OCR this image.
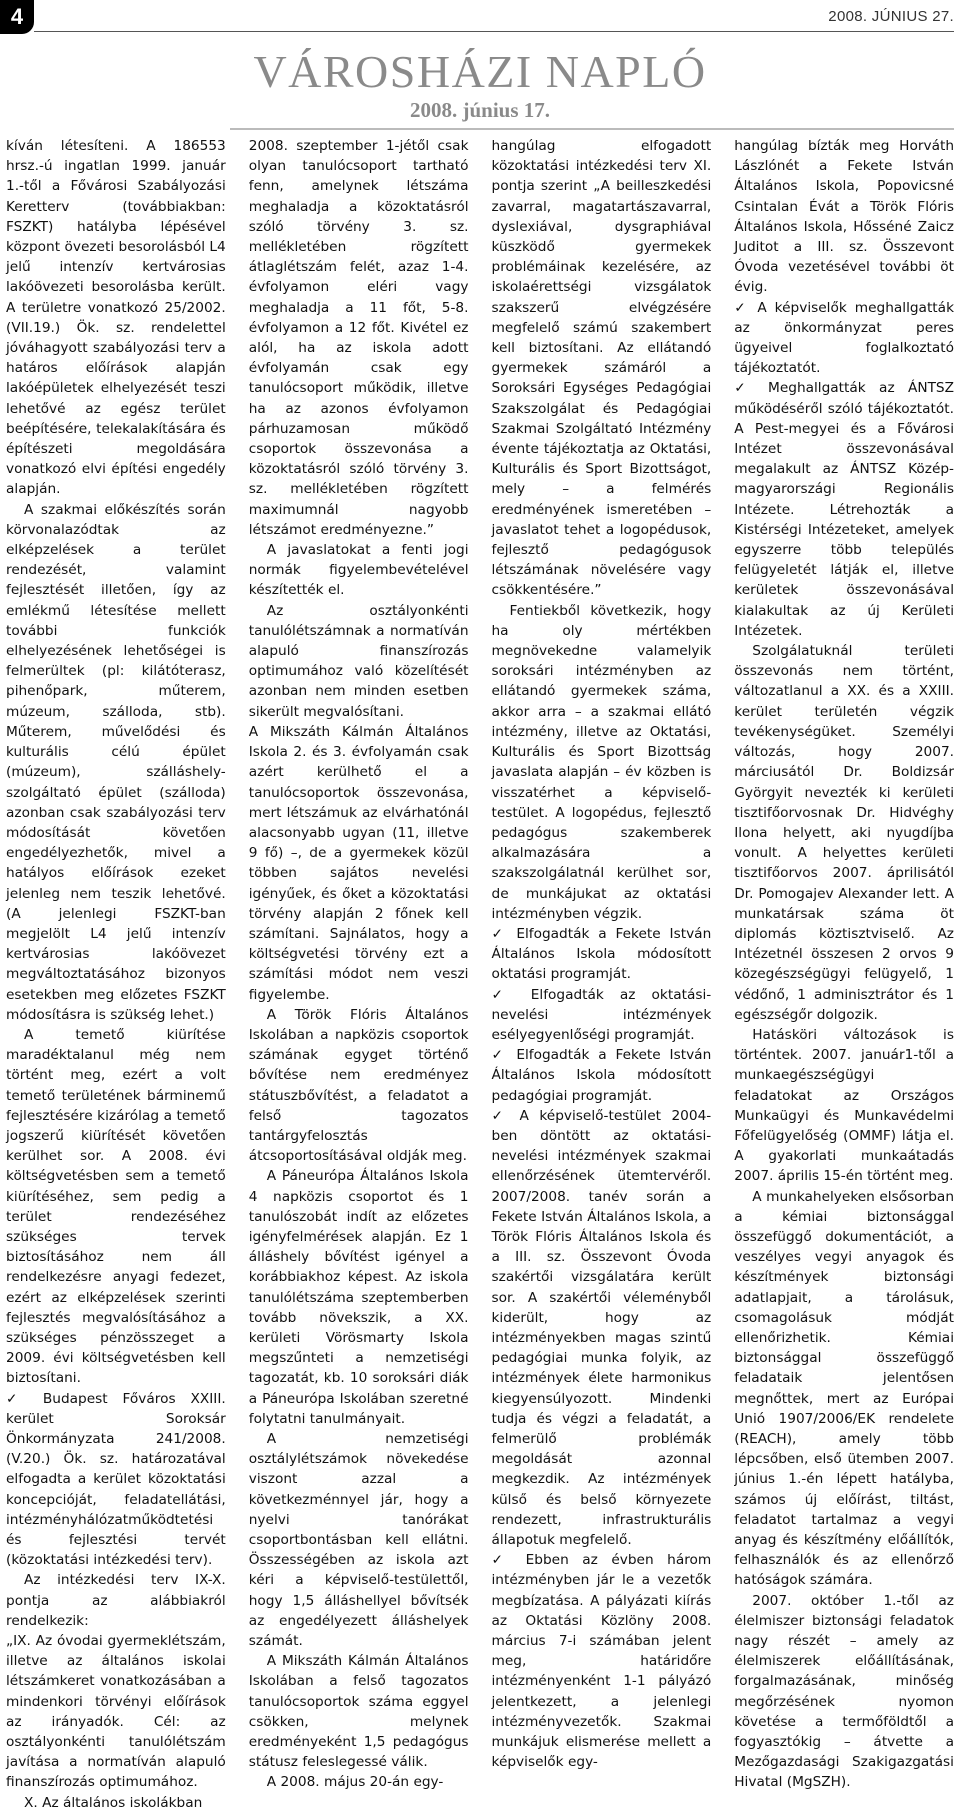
4	2008. JÚNIUS 27.
VÁROSHÁZI NAPLÓ
2008. június 17.

kíván létesíteni. A 186553 hrsz.-ú ingatlan 1999. január 1.-től a Fővárosi Szabályozási Keretterv (továbbiakban: FSZKT) hatályba lépésével központ övezeti besorolásból L4 jelű intenzív kertvárosias lakóövezeti besorolásba került. A területre vonatkozó 25/2002. (VII.19.) Ök. sz. rendelettel jóváhagyott szabályozási terv a határos előírások alapján lakóépületek elhelyezését teszi lehetővé az egész terület beépítésére, telekalakítására és építészeti megoldására vonatkozó elvi építési engedély alapján.

A szakmai előkészítés során körvonalazódtak az elképzelések a terület rendezését, valamint fejlesztését illetően, így az emlékmű létesítése mellett további funkciók elhelyezésének lehetőségei is felmerültek (pl: kilátóterasz, pihenőpark, műterem, múzeum, szálloda, stb). Műterem, művelődési és kulturális célú épület (múzeum), szálláshely-szolgáltató épület (szálloda) azonban csak szabályozási terv módosítását követően engedélyezhetők, mivel a hatályos előírások ezeket jelenleg nem teszik lehetővé. (A jelenlegi FSZKT-ban megjelölt L4 jelű intenzív kertvárosias lakóövezet megváltoztatásához bizonyos esetekben meg előzetes FSZKT módosításra is szükség lehet.)

A temető kiürítése maradéktalanul még nem történt meg, ezért a volt temető területének bárminemű fejlesztésére kizárólag a temető jogszerű kiürítését követően kerülhet sor. A 2008. évi költségvetésben sem a temető kiürítéséhez, sem pedig a terület rendezéséhez szükséges tervek biztosításához nem áll rendelkezésre anyagi fedezet, ezért az elképzelések szerinti fejlesztés megvalósításához a szükséges pénzösszeget a 2009. évi költségvetésben kell biztosítani.

✓ Budapest Főváros XXIII. kerület Soroksár Önkormányzata 241/2008. (V.20.) Ök. sz. határozatával elfogadta a kerület közoktatási koncepcióját, feladatellátási, intézményhálózatműködtetési és fejlesztési tervét (közoktatási intézkedési terv).

Az intézkedési terv IX-X. pontja az alábbiakról rendelkezik:

„IX. Az óvodai gyermeklétszám, illetve az általános iskolai létszámkeret vonatkozásában a mindenkori törvényi előírások az irányadók. Cél: az osztályonkénti tanulólétszám javítása a normatíván alapuló finanszírozás optimumához.

X. Az általános iskolákban

2008. szeptember 1-jétől csak olyan tanulócsoport tartható fenn, amelynek létszáma meghaladja a közoktatásról szóló törvény 3. sz. mellékletében rögzített átlaglétszám felét, azaz 1-4. évfolyamon eléri vagy meghaladja a 11 főt, 5-8. évfolyamon a 12 főt. Kivétel ez alól, ha az iskola adott évfolyamán csak egy tanulócsoport működik, illetve ha az azonos évfolyamon párhuzamosan működő csoportok összevonása a közoktatásról szóló törvény 3. sz. mellékletében rögzített maximumnál nagyobb létszámot eredményezne.”

A javaslatokat a fenti jogi normák figyelembevételével készítették el.

Az osztályonkénti tanulólétszámnak a normatíván alapuló finanszírozás optimumához való közelítését azonban nem minden esetben sikerült megvalósítani.

A Mikszáth Kálmán Általános Iskola 2. és 3. évfolyamán csak azért kerülhető el a tanulócsoportok összevonása, mert létszámuk az elvárhatónál alacsonyabb ugyan (11, illetve 9 fő) –, de a gyermekek közül többen sajátos nevelési igényűek, és őket a közoktatási törvény alapján 2 főnek kell számítani. Sajnálatos, hogy a költségvetési törvény ezt a számítási módot nem veszi figyelembe.

A Török Flóris Általános Iskolában a napközis csoportok számának egyget történő bővítése nem eredményez státuszbővítést, a feladatot a felső tagozatos tantárgyfelosztás átcsoportosításával oldják meg.

A Páneurópa Általános Iskola 4 napközis csoportot és 1 tanulószobát indít az előzetes igényfelmérések alapján. Ez 1 álláshely bővítést igényel a korábbiakhoz képest. Az iskola tanulólétszáma szeptemberben tovább növekszik, a XX. kerületi Vörösmarty Iskola megszűnteti a nemzetiségi tagozatát, kb. 10 soroksári diák a Páneurópa Iskolában szeretné folytatni tanulmányait.

A nemzetiségi osztálylétszámok növekedése viszont azzal a következménnyel jár, hogy a nyelvi tanórákat csoportbontásban kell ellátni. Összességében az iskola azt kéri a képviselő-testülettől, hogy 1,5 álláshellyel bővítsék az engedélyezett álláshelyek számát.

A Mikszáth Kálmán Általános Iskolában a felső tagozatos tanulócsoportok száma eggyel csökken, melynek eredményeként 1,5 pedagógus státusz feleslegessé válik.

A 2008. május 20-án egy-

hangúlag elfogadott közoktatási intézkedési terv XI. pontja szerint „A beilleszkedési zavarral, magatartászavarral, dyslexiával, dysgraphiával küszködő gyermekek problémáinak kezelésére, az iskolaérettségi vizsgálatok szakszerű elvégzésére megfelelő számú szakembert kell biztosítani. Az ellátandó gyermekek számáról a Soroksári Egységes Pedagógiai Szakszolgálat és Pedagógiai Szakmai Szolgáltató Intézmény évente tájékoztatja az Oktatási, Kulturális és Sport Bizottságot, mely – a felmérés eredményének ismeretében – javaslatot tehet a logopédusok, fejlesztő pedagógusok létszámának növelésére vagy csökkentésére.”

Fentiekből következik, hogy ha oly mértékben megnövekedne valamelyik soroksári intézményben az ellátandó gyermekek száma, akkor arra – a szakmai ellátó intézmény, illetve az Oktatási, Kulturális és Sport Bizottság javaslata alapján – év közben is visszatérhet a képviselő-testület. A logopédus, fejlesztő pedagógus szakemberek alkalmazására a szakszolgálatnál kerülhet sor, de munkájukat az oktatási intézményben végzik.

✓ Elfogadták a Fekete István Általános Iskola módosított oktatási programját.

✓ Elfogadták az oktatási-nevelési intézmények esélyegyenlőségi programját.

✓ Elfogadták a Fekete István Általános Iskola módosított pedagógiai programját.

✓ A képviselő-testület 2004-ben döntött az oktatási-nevelési intézmények szakmai ellenőrzésének ütemtervéről. 2007/2008. tanév során a Fekete István Általános Iskola, a Török Flóris Általános Iskola és a III. sz. Összevont Óvoda szakértői vizsgálatára került sor. A szakértői véleményből kiderült, hogy az intézményekben magas szintű pedagógiai munka folyik, az intézmények élete harmonikus kiegyensúlyozott. Mindenki tudja és végzi a feladatát, a felmerülő problémák megoldását azonnal megkezdik. Az intézmények külső és belső környezete rendezett, infrastrukturális állapotuk megfelelő.

✓ Ebben az évben három intézményben jár le a vezetők megbízatása. A pályázati kiírás az Oktatási Közlöny 2008. március 7-i számában jelent meg, határidőre intézményenként 1-1 pályázó jelentkezett, a jelenlegi intézményvezetők. Szakmai munkájuk elismerése mellett a képviselők egy-

hangúlag bízták meg Horváth Lászlónét a Fekete István Általános Iskola, Popovicsné Csintalan Évát a Török Flóris Általános Iskola, Hősséné Zaicz Juditot a III. sz. Összevont Óvoda vezetésével további öt évig.

✓ A képviselők meghallgatták az önkormányzat peres ügyeivel foglalkoztató tájékoztatót.

✓ Meghallgatták az ÁNTSZ működéséről szóló tájékoztatót. A Pest-megyei és a Fővárosi Intézet összevonásával megalakult az ÁNTSZ Közép-magyarországi Regionális Intézete. Létrehozták a Kistérségi Intézeteket, amelyek egyszerre több település felügyeletét látják el, illetve kerületek összevonásával kialakultak az új Kerületi Intézetek.

Szolgálatuknál területi összevonás nem történt, változatlanul a XX. és a XXIII. kerület területén végzik tevékenységüket. Személyi változás, hogy 2007. márciusától Dr. Boldizsár Györgyit nevezték ki kerületi tisztifőorvosnak Dr. Hidvéghy Ilona helyett, aki nyugdíjba vonult. A helyettes kerületi tisztifőorvos 2007. áprilisától Dr. Pomogajev Alexander lett. A munkatársak száma öt diplomás köztisztviselő. Az Intézetnél összesen 2 orvos 9 közegészségügyi felügyelő, 1 védőnő, 1 adminisztrátor és 1 egészségőr dolgozik.

Hatásköri változások is történtek. 2007. január1-től a munkaegészségügyi feladatokat az Országos Munkaügyi és Munkavédelmi Főfelügyelőség (OMMF) látja el. A gyakorlati munkaátadás 2007. április 15-én történt meg.

A munkahelyeken elsősorban a kémiai biztonsággal összefüggő dokumentációt, a veszélyes vegyi anyagok és készítmények biztonsági adatlapjait, a tárolásuk, csomagolásuk módját ellenőrizhetik. Kémiai biztonsággal összefüggő feladataik jelentősen megnőttek, mert az Európai Unió 1907/2006/EK rendelete (REACH), amely több lépcsőben, első ütemben 2007. június 1.-én lépett hatályba, számos új előírást, tiltást, feladatot tartalmaz a vegyi anyag és készítmény előállítók, felhasználók és az ellenőrző hatóságok számára.

2007. október 1.-től az élelmiszer biztonsági feladatok nagy részét – amely az élelmiszerek előállításának, forgalmazásának, minőség megőrzésének nyomon követése a termőföldtől a fogyasztókig – átvette a Mezőgazdasági Szakigazgatási Hivatal (MgSZH).
